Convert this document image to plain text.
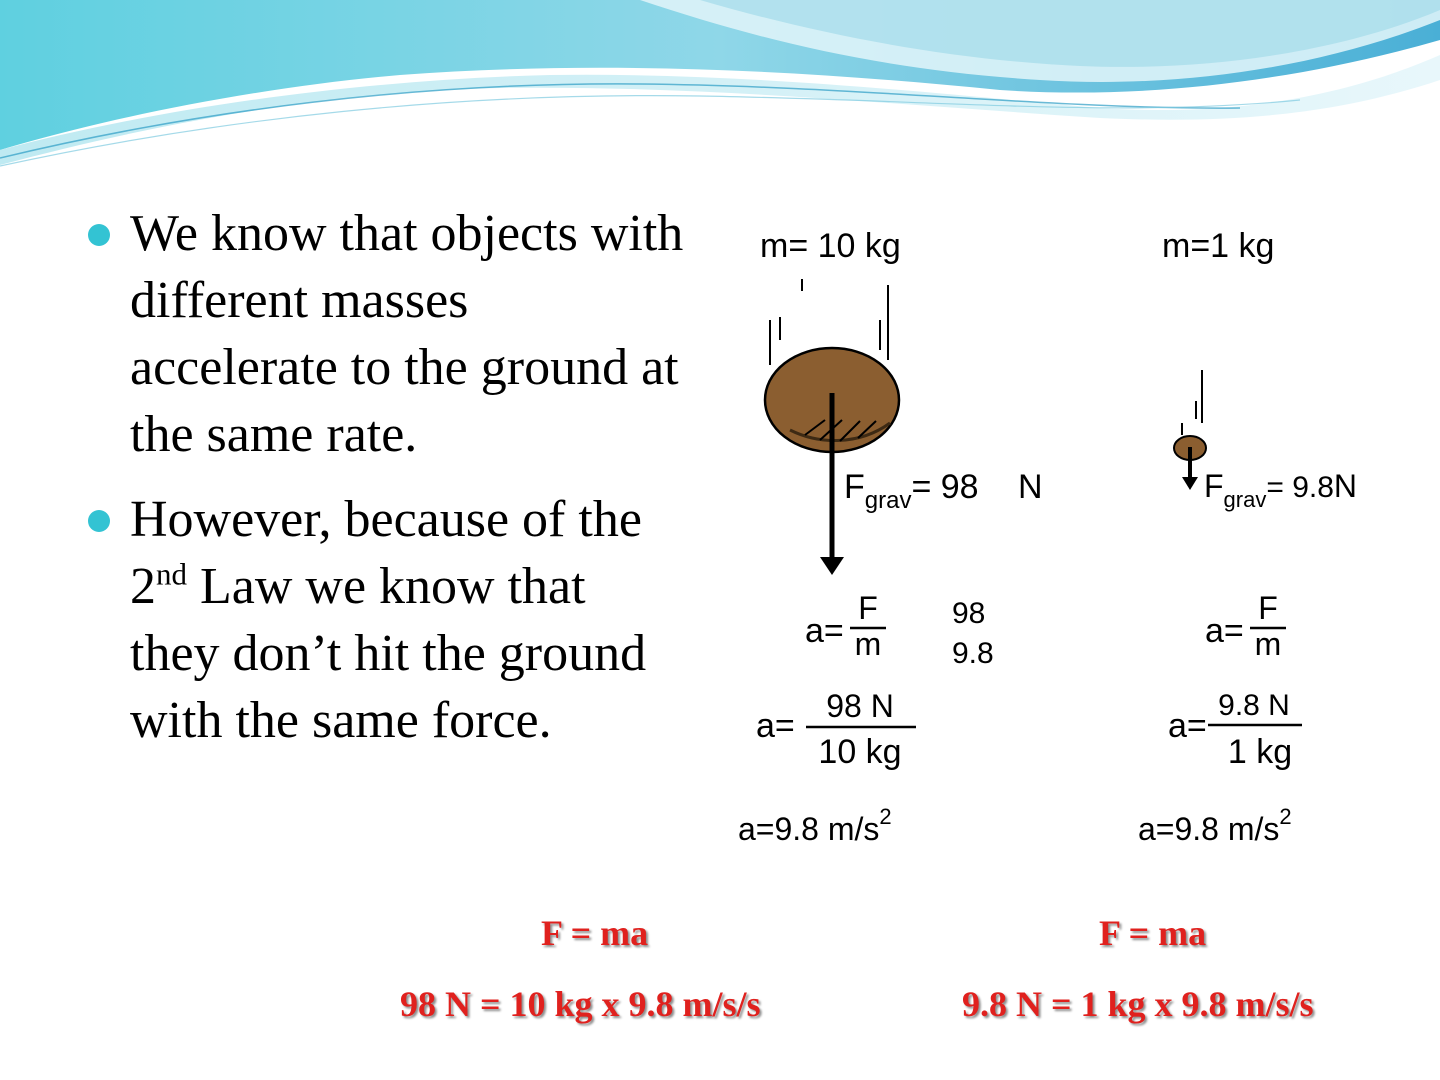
We know that objects with different masses accelerate to the ground at the same rate.
However, because of the 2nd Law we know that they don’t hit the ground with the same force.
m= 10 kg
$F_{grav}= 98$ N
a=
F
m
98
9.8
a=
98 N
10 kg
a=9.8 $m/s^2$
m=1 kg
$F_{grav}= 9.8N$
a=
F
m
a=
9.8 N
1 kg
a=9.8 $m/s^2$
F = ma
98 N = 10 kg x 9.8 m/s/s
F = ma
9.8 N = 1 kg x 9.8 m/s/s
